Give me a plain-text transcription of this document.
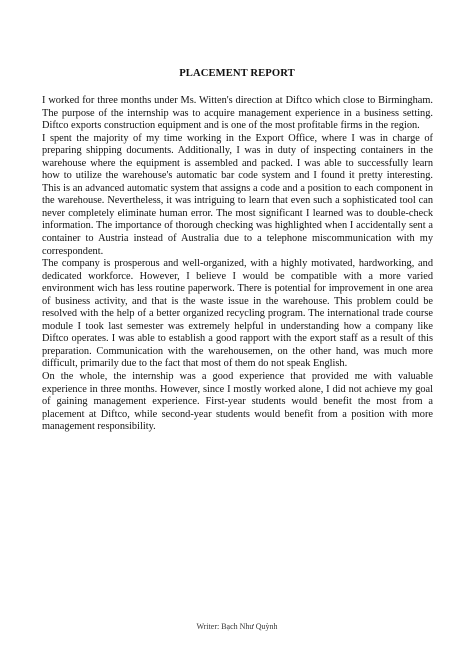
PLACEMENT REPORT

I worked for three months under Ms. Witten's direction at Diftco which close to Birmingham. The purpose of the internship was to acquire management experience in a business setting. Diftco exports construction equipment and is one of the most profitable firms in the region.

I spent the majority of my time working in the Export Office, where I was in charge of preparing shipping documents. Additionally, I was in duty of inspecting containers in the warehouse where the equipment is assembled and packed. I was able to successfully learn how to utilize the warehouse's automatic bar code system and I found it pretty interesting. This is an advanced automatic system that assigns a code and a position to each component in the warehouse. Nevertheless, it was intriguing to learn that even such a sophisticated tool can never completely eliminate human error. The most significant I learned was to double-check information. The importance of thorough checking was highlighted when I accidentally sent a container to Austria instead of Australia due to a telephone miscommunication with my correspondent.

The company is prosperous and well-organized, with a highly motivated, hardworking, and dedicated workforce. However, I believe I would be compatible with a more varied environment wich has less routine paperwork. There is potential for improvement in one area of business activity, and that is the waste issue in the warehouse. This problem could be resolved with the help of a better organized recycling program. The international trade course module I took last semester was extremely helpful in understanding how a company like Diftco operates. I was able to establish a good rapport with the export staff as a result of this preparation. Communication with the warehousemen, on the other hand, was much more difficult, primarily due to the fact that most of them do not speak English.

On the whole, the internship was a good experience that provided me with valuable experience in three months. However, since I mostly worked alone, I did not achieve my goal of gaining management experience. First-year students would benefit the most from a placement at Diftco, while second-year students would benefit from a position with more management responsibility.

Writer: Bạch Như Quỳnh
